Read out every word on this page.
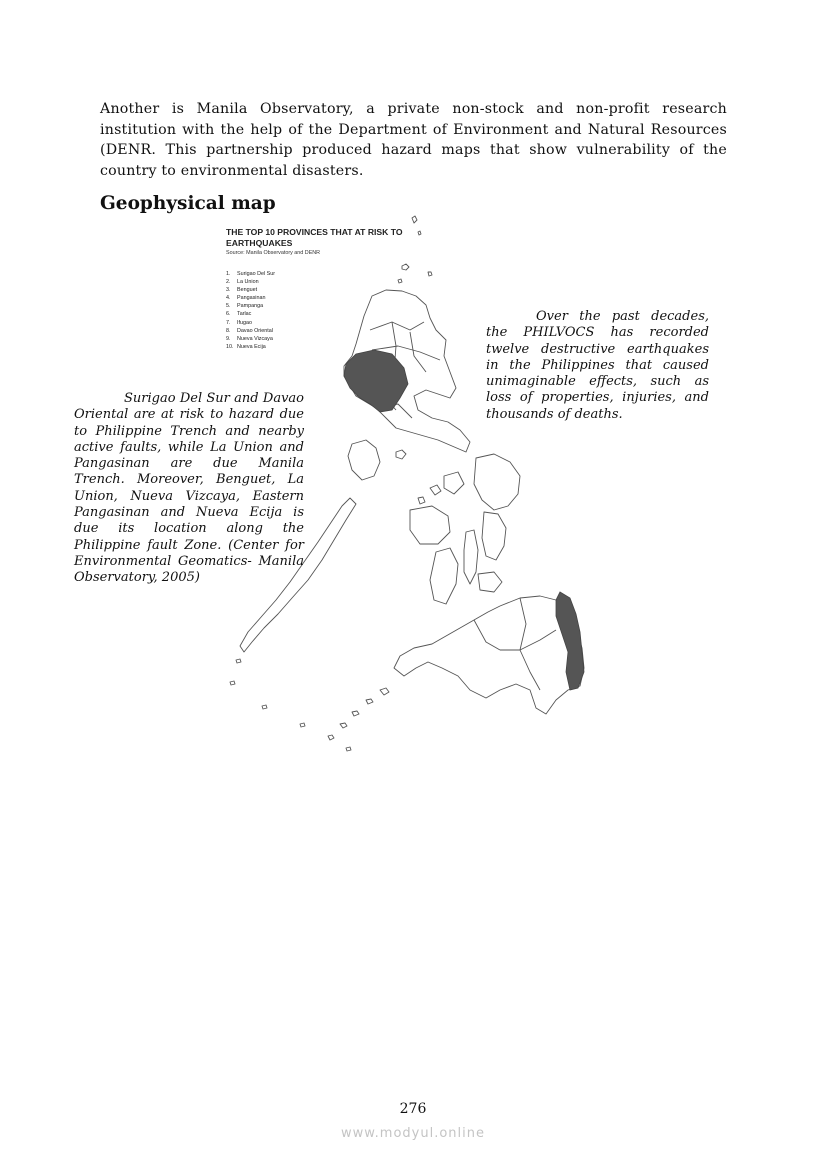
Another is Manila Observatory, a private non-stock and non-profit research institution with the help of the Department of Environment and Natural Resources (DENR. This partnership produced hazard maps that show vulnerability of the country to environmental disasters.

Geophysical map
THE TOP 10 PROVINCES THAT AT RISK TO EARTHQUAKES

Source: Manila Observatory and DENR

1. Surigao Del Sur
2. La Union
3. Benguet
4. Pangasinan
5. Pampanga
6. Tarlac
7. Ifugao
8. Davao Oriental
9. Nueva Vizcaya
10. Nueva Ecija

Surigao Del Sur and Davao Oriental are at risk to hazard due to Philippine Trench and nearby active faults, while La Union and Pangasinan are due Manila Trench. Moreover, Benguet, La Union, Nueva Vizcaya, Eastern Pangasinan and Nueva Ecija is due its location along the Philippine fault Zone. (Center for Environmental Geomatics- Manila Observatory, 2005)

Over the past decades, the PHILVOCS has recorded twelve destructive earthquakes in the Philippines that caused unimaginable effects, such as loss of properties, injuries, and thousands of deaths.

276

www.modyul.online
